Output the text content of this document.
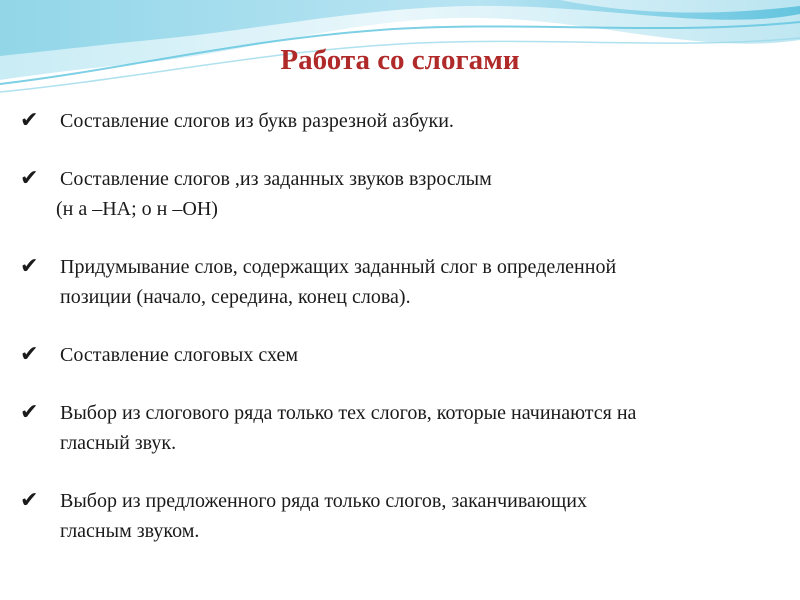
Работа со слогами
✔	Составление слогов из букв разрезной азбуки.
✔	Составление слогов ,из заданных звуков взрослым
(н а –НА; о н –ОН)
✔	Придумывание слов, содержащих заданный слог в определенной
позиции (начало, середина, конец слова).
✔	Составление слоговых схем
✔	Выбор из слогового ряда только тех слогов, которые начинаются на
гласный звук.
✔	Выбор из предложенного ряда только слогов, заканчивающих
гласным звуком.
